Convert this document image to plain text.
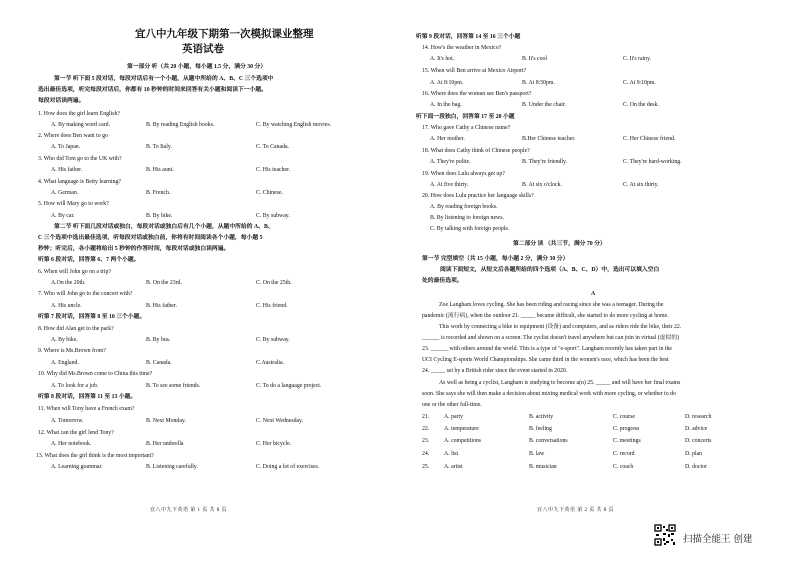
宜八中九年级下期第一次模拟课业整理
英语试卷
第一部分 听（共 20 小题，每小题 1.5 分，满分 30 分）
第一节 听下面 5 段对话，每段对话后有一个小题，从题中所给的 A、B、C 三个选项中
选出最佳选项，听完每段对话后，你都有 10 秒钟的时间来回答有关小题和阅读下一小题。
每段对话读两遍。
1. How does the girl learn English?
A. By making word card.	B. By reading English books.	C. By watching English movies.
2. Where does Ben want to go
A. To Japan.	B. To Italy.	C. To Canada.
3. Who did Tom go to the UK with?
A. His father.	B. His aunt.	C. His teacher.
4. What language is Betty learning?
A. German.	B. French.	C. Chinese.
5. How will Mary go to work?
A. By car.	B. By bike.	C. By subway.
第二节 听下面几段对话或独白，每段对话或独白后有几个小题，从题中所给的 A、B、
C 三个选项中选出最佳选项，听每段对话或独白前，你将有时间阅读各个小题，每小题 5
秒钟；听完后，各小题将给出 5 秒钟的作答时间，每段对话或独白读两遍。
听第 6 段对话，回答第 6、7 两个小题。
6. When will John go on a trip?
A.On the 20th.	B. On the 23rd.	C. On the 25th.
7. Who will John go to the concert with?
A. His uncle.	B. His father.	C. His friend.
听第 7 段对话，回答第 8 至 10 三个小题。
8. How did Alan get to the park?
A. By bike.	B. By bus.	C. By subway.
9. Where is Ms.Brown from?
A. England.	B. Canada.	C.Australia.
10. Why did Ms.Brown come to China this time?
A. To look for a job.	B. To see some friends.	C. To do a language project.
听第 8 段对话，回答第 11 至 13 小题。
11. When will Tony have a French exam?
A. Tomorrow.	B. Next Monday.	C. Next Wednesday.
12. What can the girl lend Tony?
A. Her notebook.	B. Her umbrella	C. Her bicycle.
13. What does the girl think is the most important?
A. Learning grammar.	B. Listening carefully.	C. Doing a lot of exercises.
宜八中九下英语 第 1 页 共 8 页
听第 9 段对话，回答第 14 至 16 三个小题
14. How's the weather in Mexico?
A. It's hot.	B. It's cool	C. It's rainy.
15. When will Ben arrive at Mexico Airport?
A. At 8:10pm.	B. At 8:50pm.	C. At 9:10pm.
16. Where does the woman see Ben's passport?
A. In the bag.	B. Under the chair.	C. On the desk.
听下面一段独白，回答第 17 至 20 小题
17. Who gave Cathy a Chinese name?
A. Her mother.	B.Her Chinese teacher.	C. Her Chinese friend.
18. What does Cathy think of Chinese people?
A. They're polite.	B. They're friendly.	C. They're hard-working.
19. When does Lulu always get up?
A. At five thirty.	B. At six o'clock.	C. At six thirty.
20. How does Lulu practice her language skills?
A. By reading foreign books.
B. By listening to foreign news.
C. By talking with foreign people.
第二部分 读 （共三节，满分 70 分）
第一节 完型填空（共 15 小题，每小题 2 分，满分 30 分）
阅读下面短文，从短文后各题所给的四个选项（A、B、C、D）中，选出可以填入空白
处的最佳选项。
A
Zoe Langham loves cycling. She has been riding and racing since she was a teenager. During the
pandemic (流行病), when the outdoor 21. _____ became difficult, she started to do more cycling at home.
This work by connecting a bike to equipment (设备) and computers, and as riders ride the bike, their 22.
______ is recorded and shown on a screen. The cyclist doesn't travel anywhere but can join in virtual (虚拟的)
23. ______ with others around the world. This is a type of "e-sport". Langham recently has taken part in the
UCI Cycling E-sports World Championships. She came third in the women's race, which has been the best
24. _____ set by a British rider since the event started in 2020.
As well as being a cyclist, Langham is studying to become a(n) 25. _____ and will have her final exams
soon. She says she will then make a decision about mixing medical work with more cycling, or whether to do
one or the other full-time.
21.	A. party	B. activity	C. course	D. research
22.	A. temperature	B. feeling	C. progress	D. advice
23.	A. competitions	B. conversations	C. meetings	D. concerts
24.	A. list	B. law	C. record	D. plan
25.	A. artist	B. musician	C. coach	D. doctor
宜八中九下英语 第 2 页 共 8 页
扫描全能王 创建
